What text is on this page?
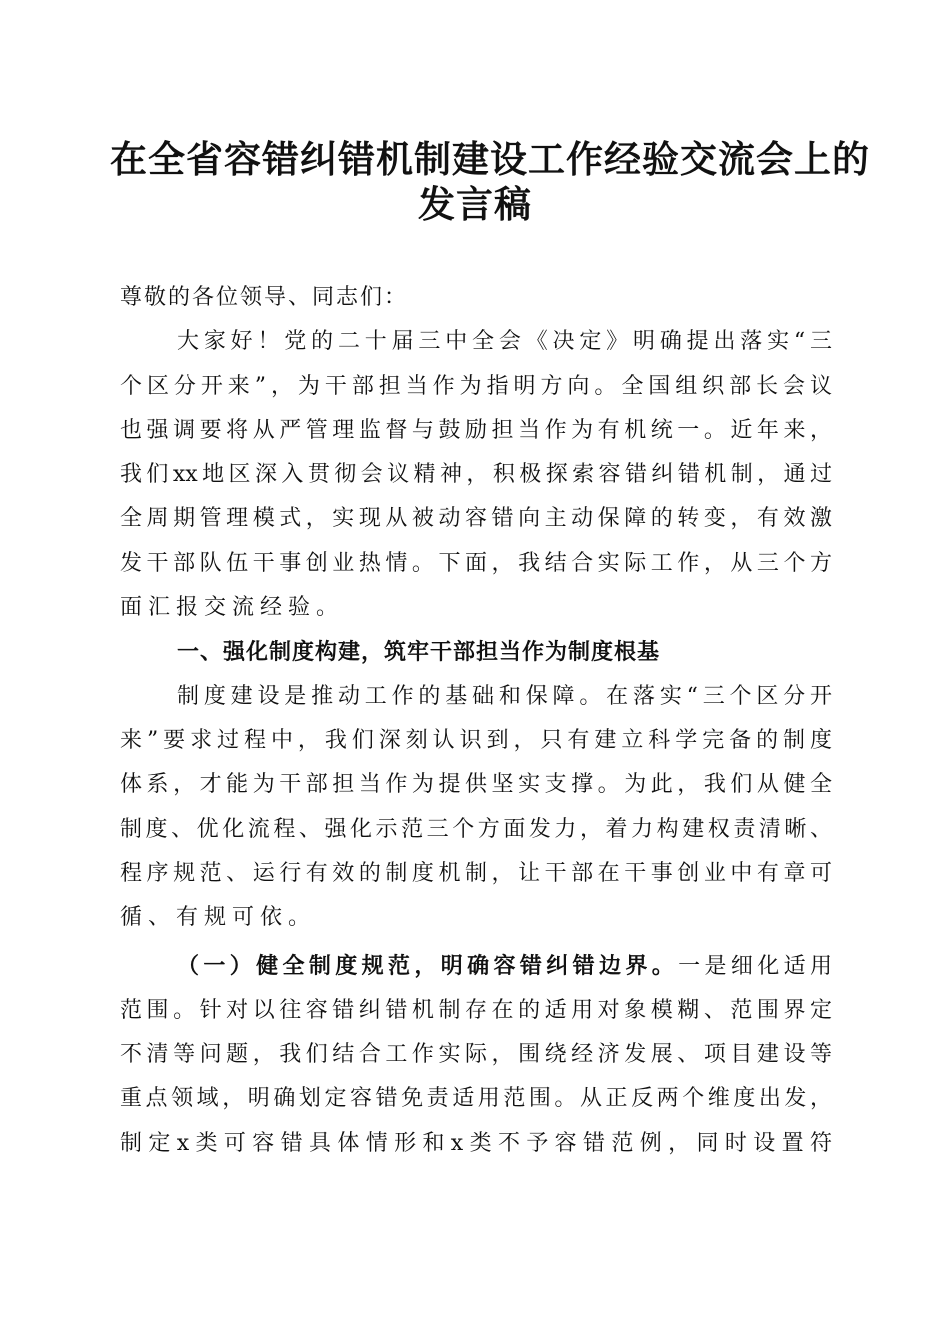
在全省容错纠错机制建设工作经验交流会上的
发言稿
尊敬的各位领导、同志们：
大家好！党的二十届三中全会《决定》明确提出落实“三
个区分开来”，为干部担当作为指明方向。全国组织部长会议
也强调要将从严管理监督与鼓励担当作为有机统一。近年来，
我们xx地区深入贯彻会议精神，积极探索容错纠错机制，通过
全周期管理模式，实现从被动容错向主动保障的转变，有效激
发干部队伍干事创业热情。下面，我结合实际工作，从三个方
面汇报交流经验。
一、强化制度构建，筑牢干部担当作为制度根基
制度建设是推动工作的基础和保障。在落实“三个区分开
来”要求过程中，我们深刻认识到，只有建立科学完备的制度
体系，才能为干部担当作为提供坚实支撑。为此，我们从健全
制度、优化流程、强化示范三个方面发力，着力构建权责清晰、
程序规范、运行有效的制度机制，让干部在干事创业中有章可
循、有规可依。
（一）健全制度规范，明确容错纠错边界。一是细化适用
范围。针对以往容错纠错机制存在的适用对象模糊、范围界定
不清等问题，我们结合工作实际，围绕经济发展、项目建设等
重点领域，明确划定容错免责适用范围。从正反两个维度出发，
制定x类可容错具体情形和x类不予容错范例，同时设置符
